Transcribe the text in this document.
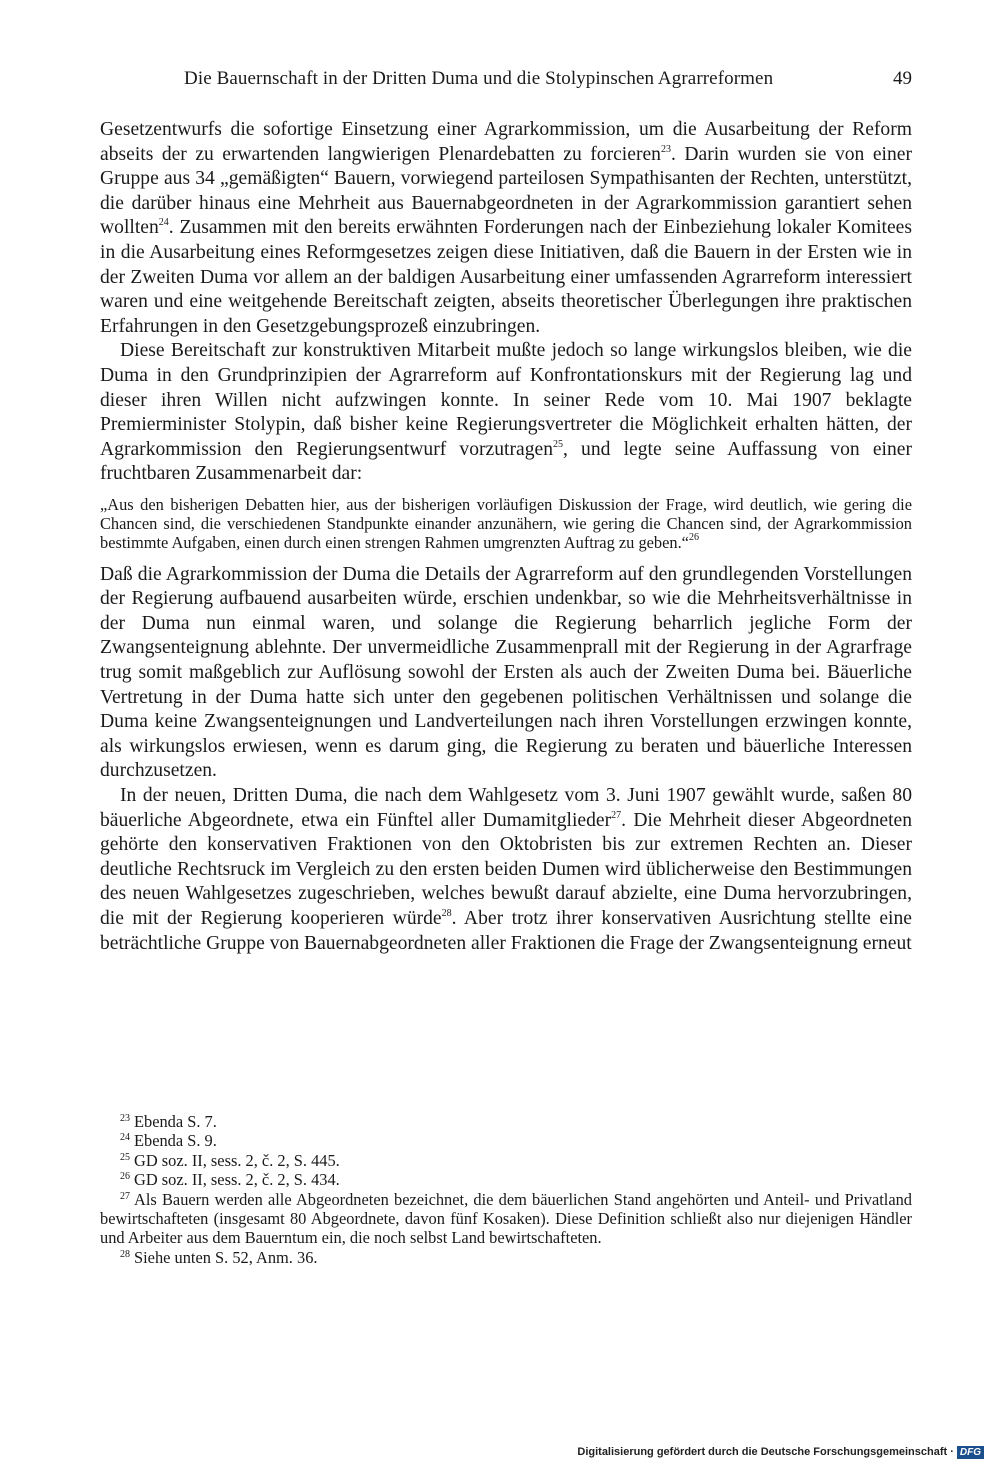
Die Bauernschaft in der Dritten Duma und die Stolypinschen Agrarreformen	49

Gesetzentwurfs die sofortige Einsetzung einer Agrarkommission, um die Ausarbeitung der Reform abseits der zu erwartenden langwierigen Plenardebatten zu forcieren$^{23}$. Darin wurden sie von einer Gruppe aus 34 „gemäßigten“ Bauern, vorwiegend parteilosen Sympathisanten der Rechten, unterstützt, die darüber hinaus eine Mehrheit aus Bauernabgeordneten in der Agrarkommission garantiert sehen wollten$^{24}$. Zusammen mit den bereits erwähnten Forderungen nach der Einbeziehung lokaler Komitees in die Ausarbeitung eines Reformgesetzes zeigen diese Initiativen, daß die Bauern in der Ersten wie in der Zweiten Duma vor allem an der baldigen Ausarbeitung einer umfassenden Agrarreform interessiert waren und eine weitgehende Bereitschaft zeigten, abseits theoretischer Überlegungen ihre praktischen Erfahrungen in den Gesetzgebungsprozeß einzubringen.

Diese Bereitschaft zur konstruktiven Mitarbeit mußte jedoch so lange wirkungslos bleiben, wie die Duma in den Grundprinzipien der Agrarreform auf Konfrontationskurs mit der Regierung lag und dieser ihren Willen nicht aufzwingen konnte. In seiner Rede vom 10. Mai 1907 beklagte Premierminister Stolypin, daß bisher keine Regierungsvertreter die Möglichkeit erhalten hätten, der Agrarkommission den Regierungsentwurf vorzutragen$^{25}$, und legte seine Auffassung von einer fruchtbaren Zusammenarbeit dar:

„Aus den bisherigen Debatten hier, aus der bisherigen vorläufigen Diskussion der Frage, wird deutlich, wie gering die Chancen sind, die verschiedenen Standpunkte einander anzunähern, wie gering die Chancen sind, der Agrarkommission bestimmte Aufgaben, einen durch einen strengen Rahmen umgrenzten Auftrag zu geben.“$^{26}$

Daß die Agrarkommission der Duma die Details der Agrarreform auf den grundlegenden Vorstellungen der Regierung aufbauend ausarbeiten würde, erschien undenkbar, so wie die Mehrheitsverhältnisse in der Duma nun einmal waren, und solange die Regierung beharrlich jegliche Form der Zwangsenteignung ablehnte. Der unvermeidliche Zusammenprall mit der Regierung in der Agrarfrage trug somit maßgeblich zur Auflösung sowohl der Ersten als auch der Zweiten Duma bei. Bäuerliche Vertretung in der Duma hatte sich unter den gegebenen politischen Verhältnissen und solange die Duma keine Zwangsenteignungen und Landverteilungen nach ihren Vorstellungen erzwingen konnte, als wirkungslos erwiesen, wenn es darum ging, die Regierung zu beraten und bäuerliche Interessen durchzusetzen.

In der neuen, Dritten Duma, die nach dem Wahlgesetz vom 3. Juni 1907 gewählt wurde, saßen 80 bäuerliche Abgeordnete, etwa ein Fünftel aller Dumamitglieder$^{27}$. Die Mehrheit dieser Abgeordneten gehörte den konservativen Fraktionen von den Oktobristen bis zur extremen Rechten an. Dieser deutliche Rechtsruck im Vergleich zu den ersten beiden Dumen wird üblicherweise den Bestimmungen des neuen Wahlgesetzes zugeschrieben, welches bewußt darauf abzielte, eine Duma hervorzubringen, die mit der Regierung kooperieren würde$^{28}$. Aber trotz ihrer konservativen Ausrichtung stellte eine beträchtliche Gruppe von Bauernabgeordneten aller Fraktionen die Frage der Zwangsenteignung erneut

$^{23}$ Ebenda S. 7.

$^{24}$ Ebenda S. 9.

$^{25}$ GD soz. II, sess. 2, č. 2, S. 445.

$^{26}$ GD soz. II, sess. 2, č. 2, S. 434.

$^{27}$ Als Bauern werden alle Abgeordneten bezeichnet, die dem bäuerlichen Stand angehörten und Anteil- und Privatland bewirtschafteten (insgesamt 80 Abgeordnete, davon fünf Kosaken). Diese Definition schließt also nur diejenigen Händler und Arbeiter aus dem Bauerntum ein, die noch selbst Land bewirtschafteten.

$^{28}$ Siehe unten S. 52, Anm. 36.

Digitalisierung gefördert durch die Deutsche Forschungsgemeinschaft · DFG
